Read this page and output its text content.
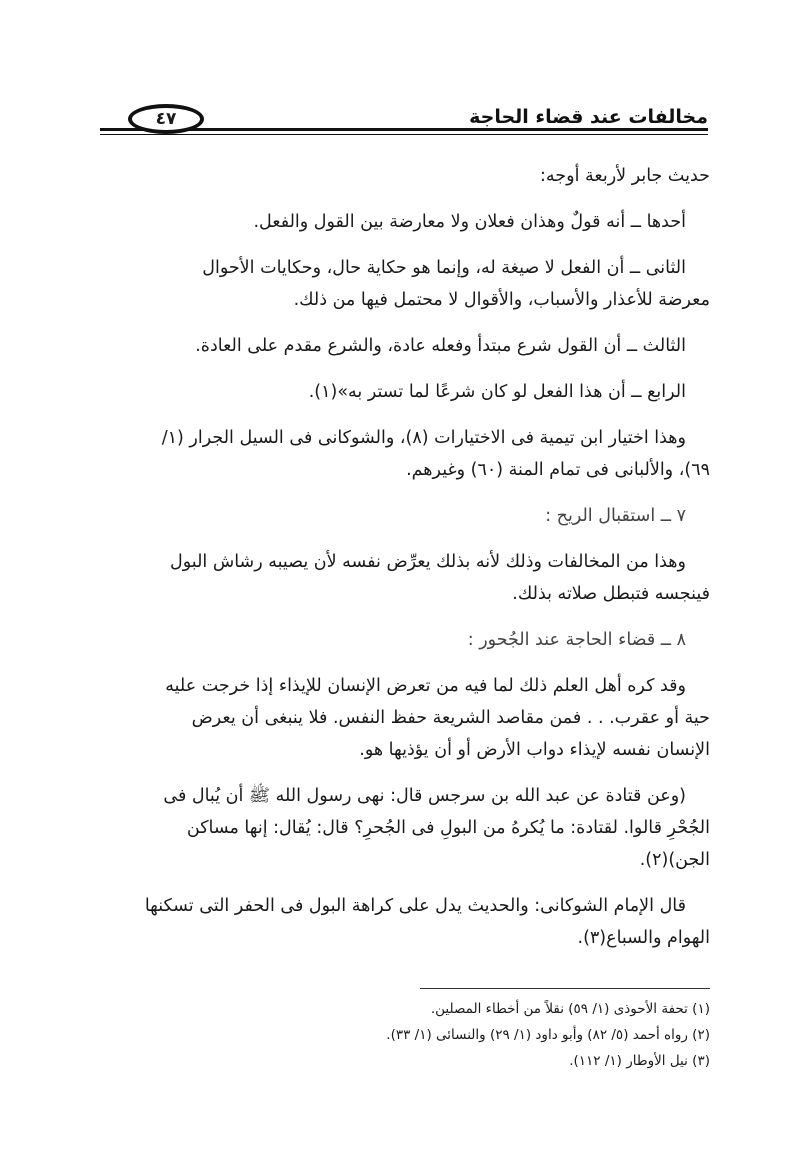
٤٧	مخالفات عند قضاء الحاجة

حديث جابر لأربعة أوجه:

أحدها ــ أنه قولٌ وهذان فعلان ولا معارضة بين القول والفعل.

الثانى ــ أن الفعل لا صيغة له، وإنما هو حكاية حال، وحكايات الأحوال

معرضة للأعذار والأسباب، والأقوال لا محتمل فيها من ذلك.

الثالث ــ أن القول شرع مبتدأ وفعله عادة، والشرع مقدم على العادة.

الرابع ــ أن هذا الفعل لو كان شرعًا لما تستر به»(١).

وهذا اختيار ابن تيمية فى الاختيارات (٨)، والشوكانى فى السيل الجرار (١/

٦٩)، والألبانى فى تمام المنة (٦٠) وغيرهم.

٧ ــ استقبال الريح :

وهذا من المخالفات وذلك لأنه بذلك يعرِّض نفسه لأن يصيبه رشاش البول

فينجسه فتبطل صلاته بذلك.

٨ ــ قضاء الحاجة عند الجُحور :

وقد كره أهل العلم ذلك لما فيه من تعرض الإنسان للإيذاء إذا خرجت عليه

حية أو عقرب. . . فمن مقاصد الشريعة حفظ النفس. فلا ينبغى أن يعرض

الإنسان نفسه لإيذاء دواب الأرض أو أن يؤذيها هو.

(وعن قتادة عن عبد الله بن سرجس قال: نهى رسول الله ﷺ أن يُبال فى

الجُحْرِ قالوا. لقتادة: ما يُكرهُ من البولِ فى الجُحرِ؟ قال: يُقال: إنها مساكن

الجن)(٢).

قال الإمام الشوكانى: والحديث يدل على كراهة البول فى الحفر التى تسكنها

الهوام والسباع(٣).

(١) تحفة الأحوذى (١/ ٥٩) نقلاً من أخطاء المصلين.

(٢) رواه أحمد (٥/ ٨٢) وأبو داود (١/ ٢٩) والنسائى (١/ ٣٣).

(٣) نيل الأوطار (١/ ١١٢).
